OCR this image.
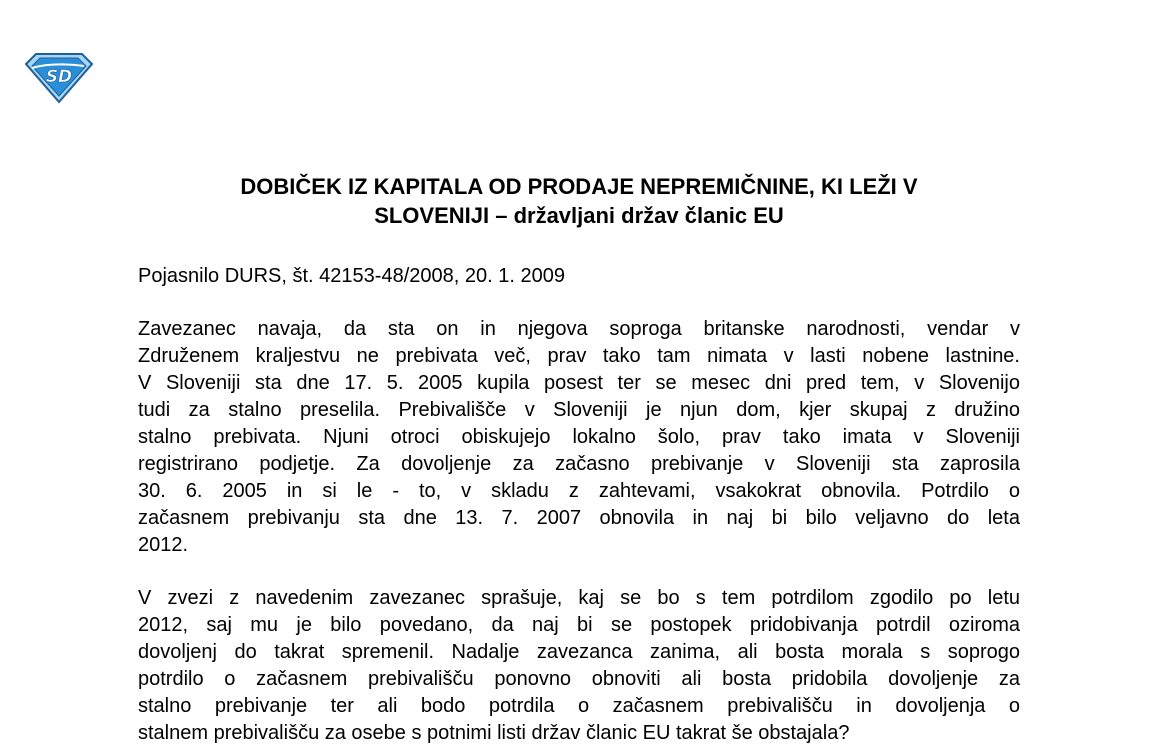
SD
DOBIČEK IZ KAPITALA OD PRODAJE NEPREMIČNINE, KI LEŽI V
SLOVENIJI – državljani držav članic EU

Pojasnilo DURS, št. 42153-48/2008, 20. 1. 2009

Zavezanec navaja, da sta on in njegova soproga britanske narodnosti, vendar v
Združenem kraljestvu ne prebivata več, prav tako tam nimata v lasti nobene lastnine.
V Sloveniji sta dne 17. 5. 2005 kupila posest ter se mesec dni pred tem, v Slovenijo
tudi za stalno preselila. Prebivališče v Sloveniji je njun dom, kjer skupaj z družino
stalno prebivata. Njuni otroci obiskujejo lokalno šolo, prav tako imata v Sloveniji
registrirano podjetje. Za dovoljenje za začasno prebivanje v Sloveniji sta zaprosila
30. 6. 2005 in si le - to, v skladu z zahtevami, vsakokrat obnovila. Potrdilo o
začasnem prebivanju sta dne 13. 7. 2007 obnovila in naj bi bilo veljavno do leta
2012.
V zvezi z navedenim zavezanec sprašuje, kaj se bo s tem potrdilom zgodilo po letu
2012, saj mu je bilo povedano, da naj bi se postopek pridobivanja potrdil oziroma
dovoljenj do takrat spremenil. Nadalje zavezanca zanima, ali bosta morala s soprogo
potrdilo o začasnem prebivališču ponovno obnoviti ali bosta pridobila dovoljenje za
stalno prebivanje ter ali bodo potrdila o začasnem prebivališču in dovoljenja o
stalnem prebivališču za osebe s potnimi listi držav članic EU takrat še obstajala?
